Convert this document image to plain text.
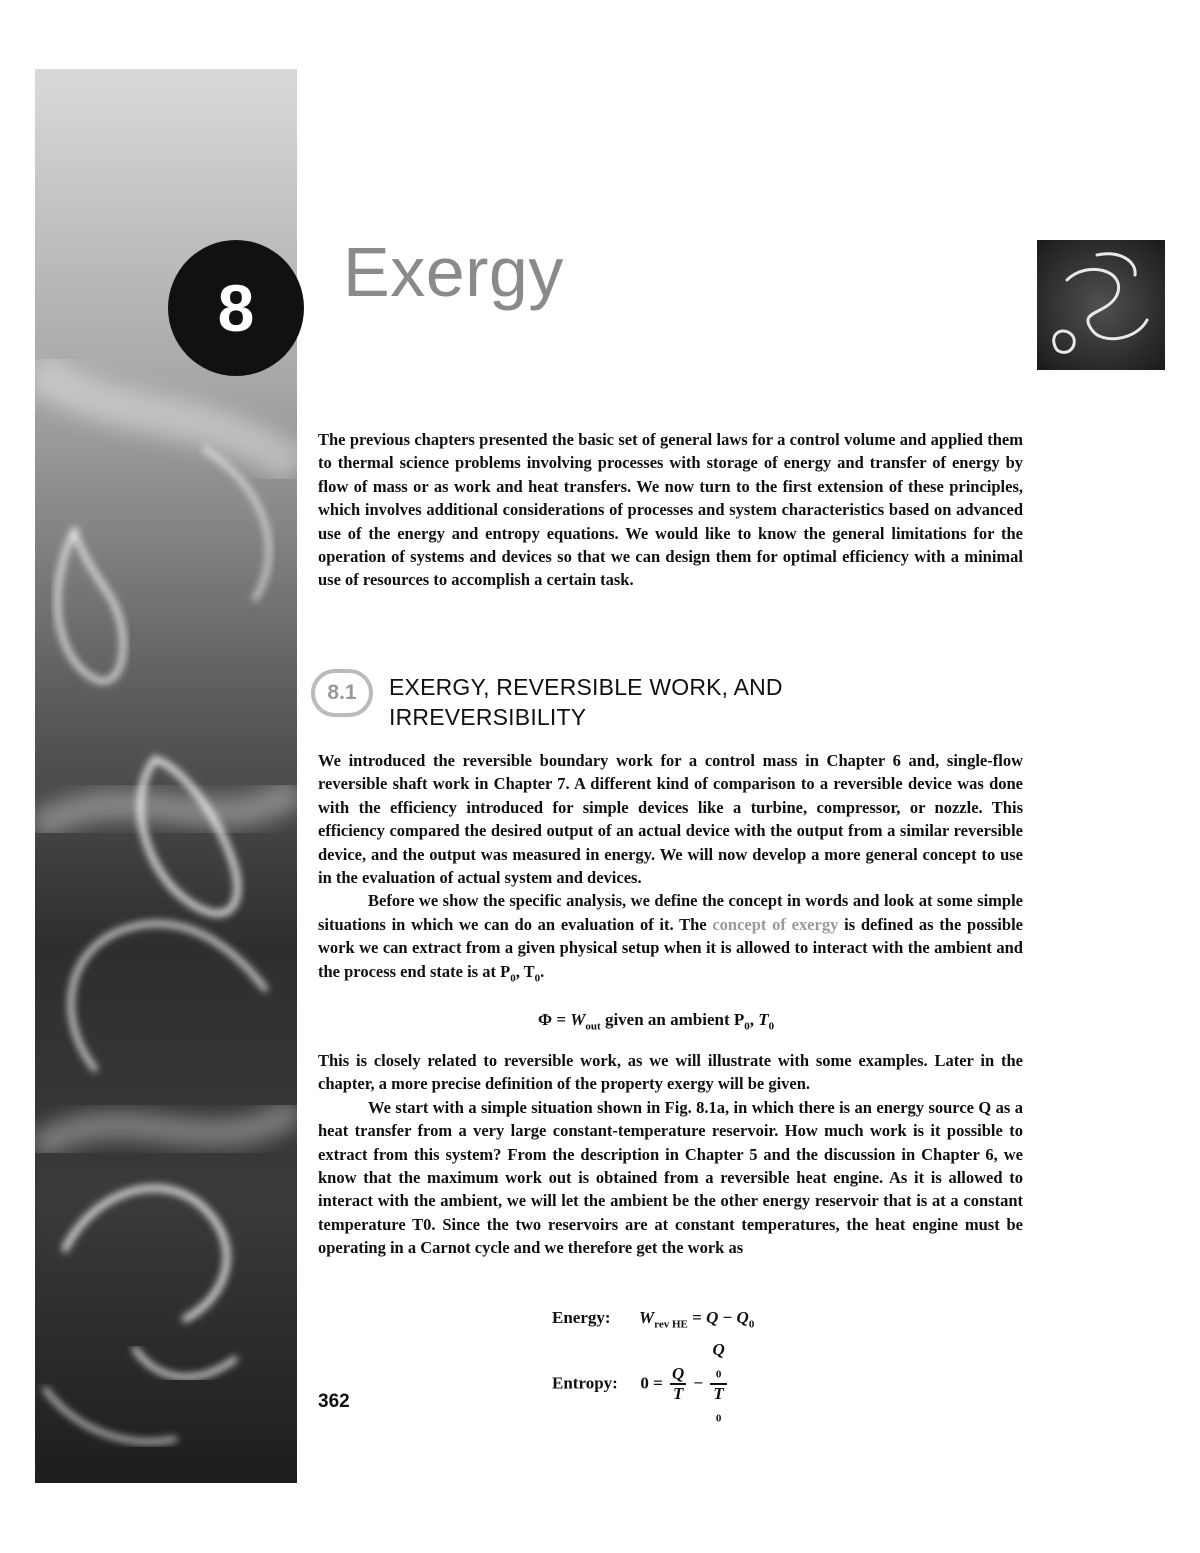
8 Exergy

The previous chapters presented the basic set of general laws for a control volume and applied them to thermal science problems involving processes with storage of energy and transfer of energy by flow of mass or as work and heat transfers. We now turn to the first extension of these principles, which involves additional considerations of processes and system characteristics based on advanced use of the energy and entropy equations. We would like to know the general limitations for the operation of systems and devices so that we can design them for optimal efficiency with a minimal use of resources to accomplish a certain task.

8.1 EXERGY, REVERSIBLE WORK, AND IRREVERSIBILITY

We introduced the reversible boundary work for a control mass in Chapter 6 and, single-flow reversible shaft work in Chapter 7. A different kind of comparison to a reversible device was done with the efficiency introduced for simple devices like a turbine, compressor, or nozzle. This efficiency compared the desired output of an actual device with the output from a similar reversible device, and the output was measured in energy. We will now develop a more general concept to use in the evaluation of actual system and devices.

Before we show the specific analysis, we define the concept in words and look at some simple situations in which we can do an evaluation of it. The concept of exergy is defined as the possible work we can extract from a given physical setup when it is allowed to interact with the ambient and the process end state is at $P_0$, $T_0$.

$\Phi = W_{out}$ given an ambient $P_0$, $T_0$

This is closely related to reversible work, as we will illustrate with some examples. Later in the chapter, a more precise definition of the property exergy will be given.

We start with a simple situation shown in Fig. 8.1a, in which there is an energy source Q as a heat transfer from a very large constant-temperature reservoir. How much work is it possible to extract from this system? From the description in Chapter 5 and the discussion in Chapter 6, we know that the maximum work out is obtained from a reversible heat engine. As it is allowed to interact with the ambient, we will let the ambient be the other energy reservoir that is at a constant temperature T0. Since the two reservoirs are at constant temperatures, the heat engine must be operating in a Carnot cycle and we therefore get the work as

Energy: $W_{rev HE} = Q - Q_0$
Entropy:  $0 = \frac{Q}{T} - Q$
$_0$
T
$_0$
362
